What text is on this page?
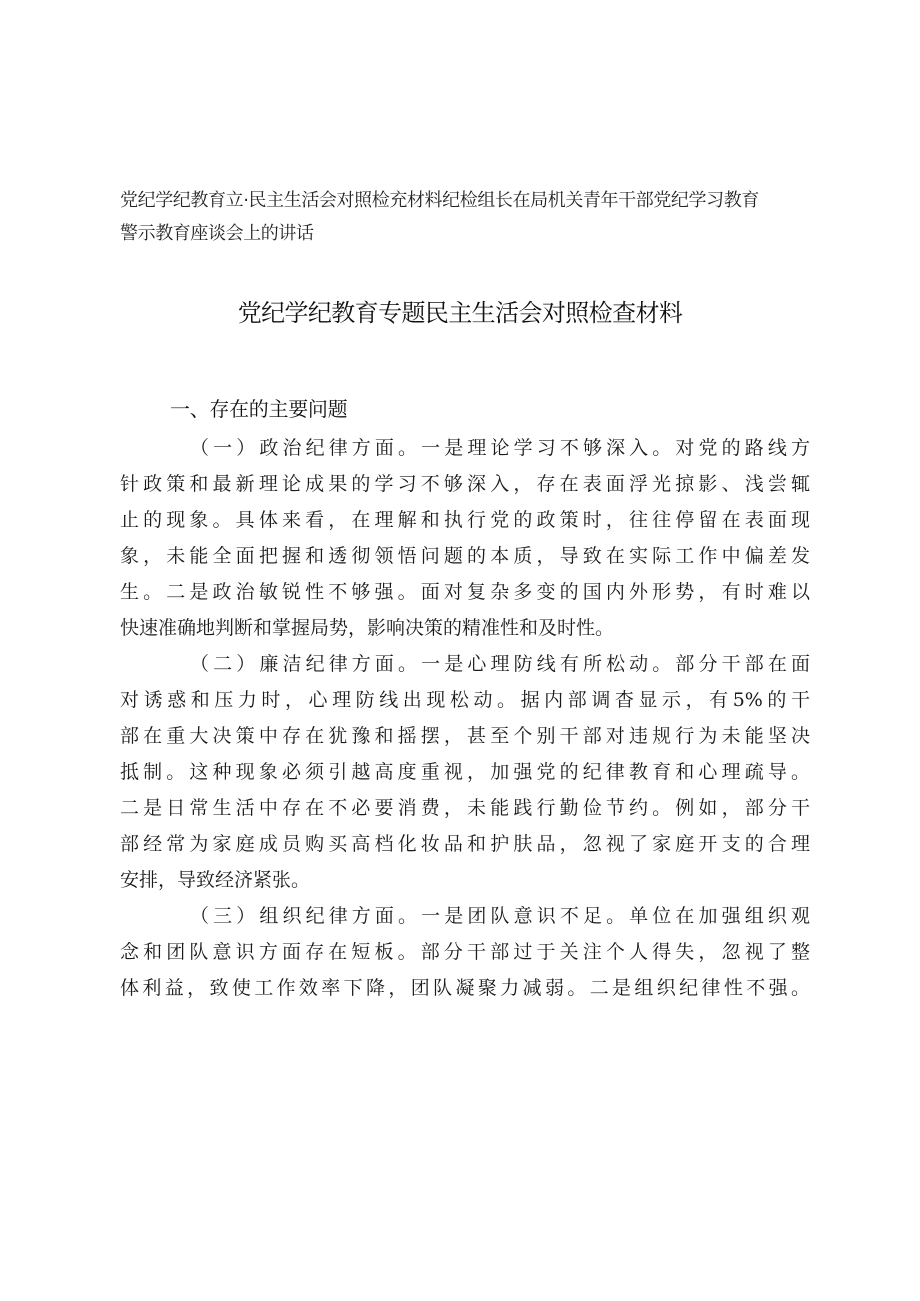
党纪学纪教育立·民主生活会对照检充材料纪检组长在局机关青年干部党纪学习教育
警示教育座谈会上的讲话
党纪学纪教育专题民主生活会对照检查材料
一、存在的主要问题

（一）政治纪律方面。一是理论学习不够深入。对党的路线方
针政策和最新理论成果的学习不够深入，存在表面浮光掠影、浅尝辄
止的现象。具体来看，在理解和执行党的政策时，往往停留在表面现
象，未能全面把握和透彻领悟问题的本质，导致在实际工作中偏差发
生。二是政治敏锐性不够强。面对复杂多变的国内外形势，有时难以
快速准确地判断和掌握局势，影响决策的精准性和及时性。

（二）廉洁纪律方面。一是心理防线有所松动。部分干部在面
对诱惑和压力时，心理防线出现松动。据内部调杳显示，有5%的干
部在重大决策中存在犹豫和摇摆，甚至个别干部对违规行为未能坚决
抵制。这种现象必须引越高度重视，加强党的纪律教育和心理疏导。
二是日常生活中存在不必要消费，未能践行勤俭节约。例如，部分干
部经常为家庭成员购买高档化妆品和护肤品，忽视了家庭开支的合理
安排，导致经济紧张。

（三）组织纪律方面。一是团队意识不足。单位在加强组织观
念和团队意识方面存在短板。部分干部过于关注个人得失，忽视了整
体利益，致使工作效率下降，团队凝聚力减弱。二是组织纪律性不强。
